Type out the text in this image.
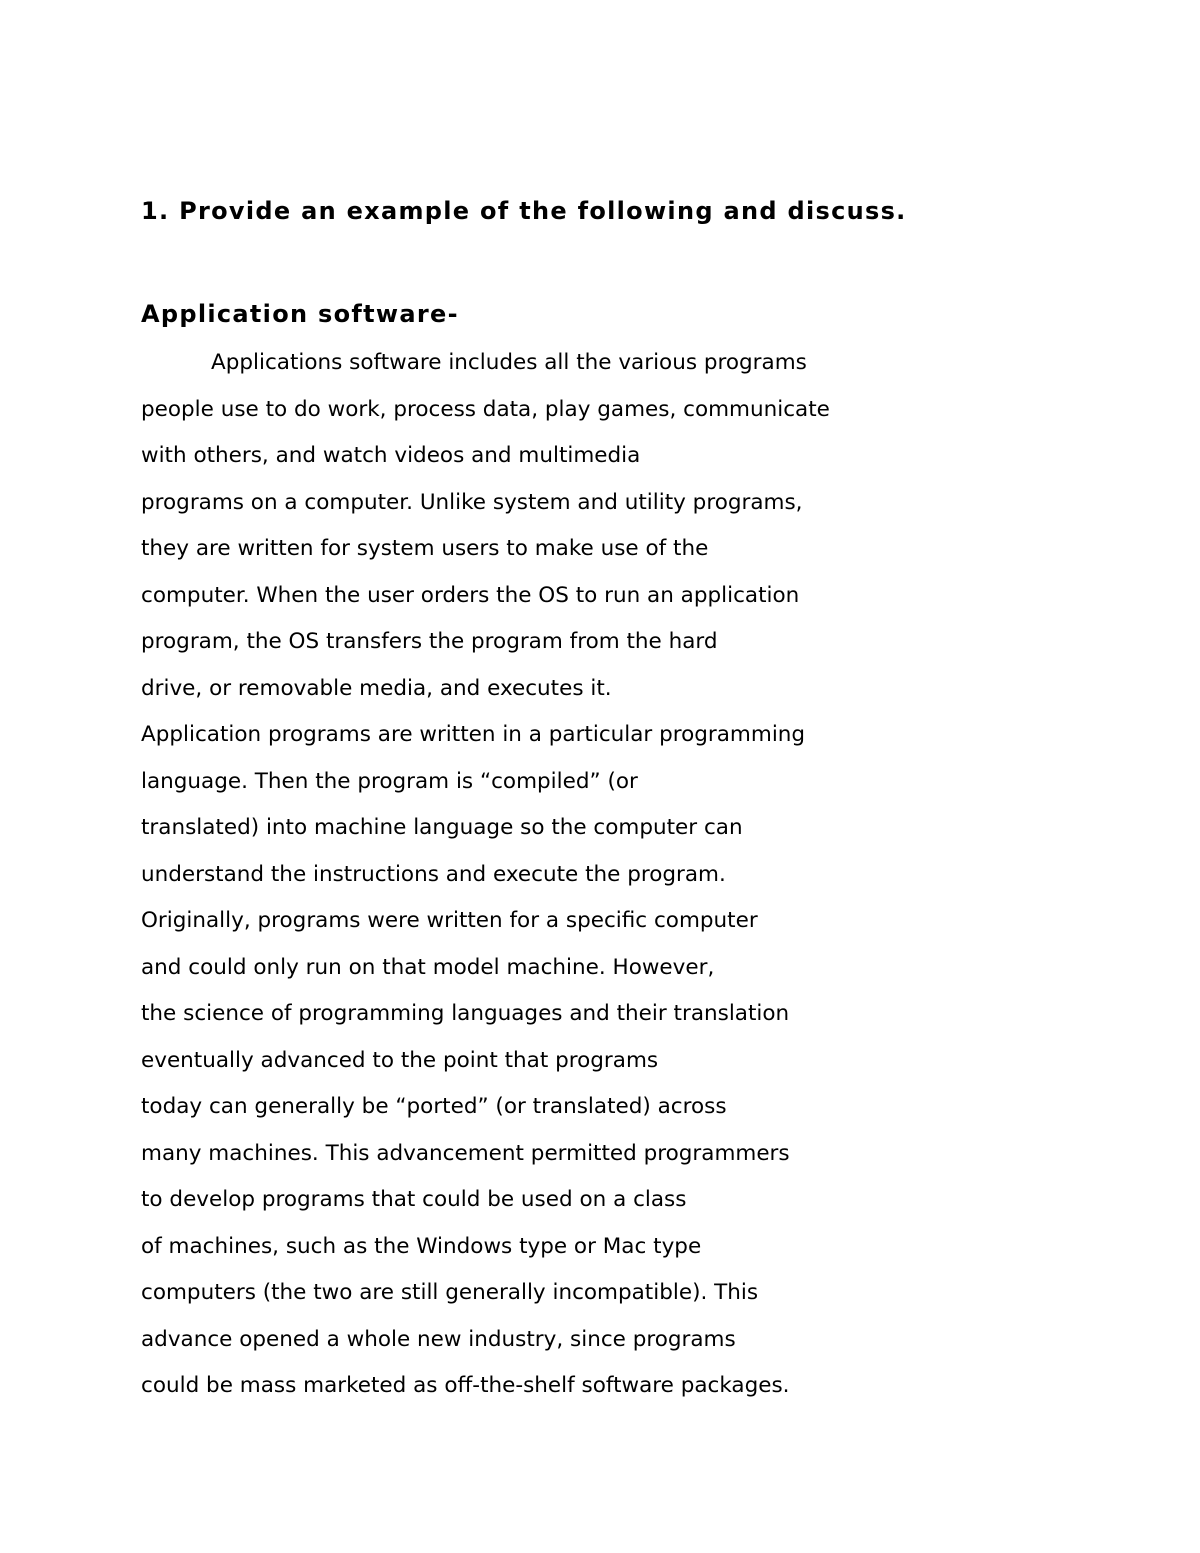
1. Provide an example of the following and discuss.
Application software-
Applications software includes all the various programs
people use to do work, process data, play games, communicate
with others, and watch videos and multimedia
programs on a computer. Unlike system and utility programs,
they are written for system users to make use of the
computer. When the user orders the OS to run an application
program, the OS transfers the program from the hard
drive, or removable media, and executes it.
Application programs are written in a particular programming
language. Then the program is “compiled” (or
translated) into machine language so the computer can
understand the instructions and execute the program.
Originally, programs were written for a specific computer
and could only run on that model machine. However,
the science of programming languages and their translation
eventually advanced to the point that programs
today can generally be “ported” (or translated) across
many machines. This advancement permitted programmers
to develop programs that could be used on a class
of machines, such as the Windows type or Mac type
computers (the two are still generally incompatible). This
advance opened a whole new industry, since programs
could be mass marketed as off-the-shelf software packages.
